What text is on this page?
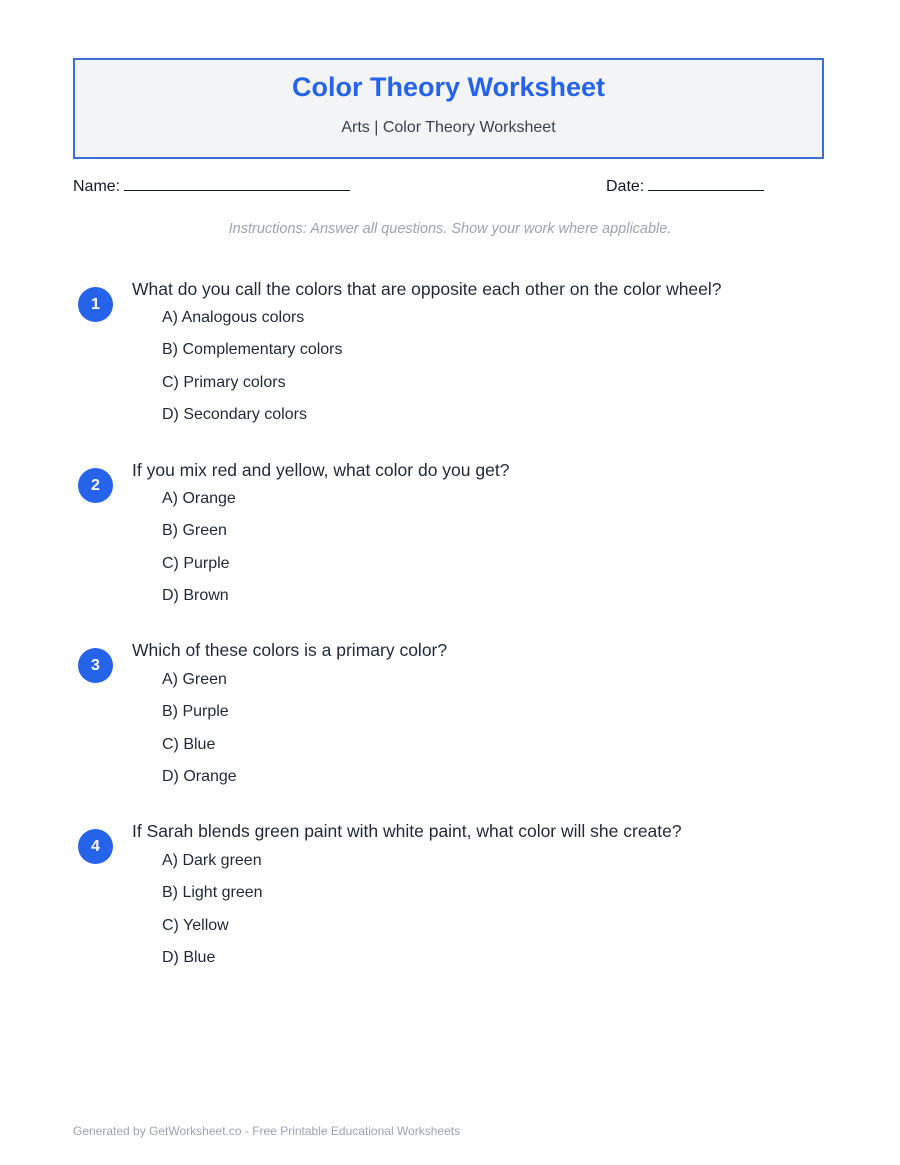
Color Theory Worksheet
Arts | Color Theory Worksheet
Name:	Date:
Instructions: Answer all questions. Show your work where applicable.
1
What do you call the colors that are opposite each other on the color wheel?
A) Analogous colors
B) Complementary colors
C) Primary colors
D) Secondary colors
2
If you mix red and yellow, what color do you get?
A) Orange
B) Green
C) Purple
D) Brown
3
Which of these colors is a primary color?
A) Green
B) Purple
C) Blue
D) Orange
4
If Sarah blends green paint with white paint, what color will she create?
A) Dark green
B) Light green
C) Yellow
D) Blue
Generated by GetWorksheet.co - Free Printable Educational Worksheets
